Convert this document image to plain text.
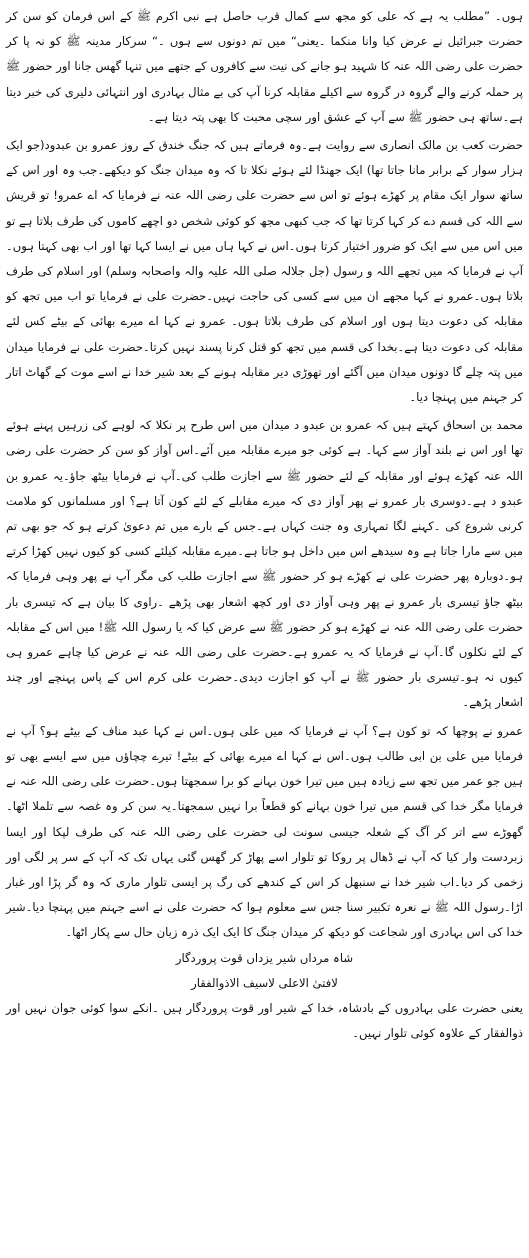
ہوں۔ ”مطلب یہ ہے کہ علی کو مجھ سے کمال قرب حاصل ہے نبی اکرم ﷺ کے اس فرمان کو سن کر حضرت جبرائیل نے عرض کیا وانا منکما ۔یعنی“ میں تم دونوں سے ہوں ۔“ سرکار مدینہ ﷺ کو نہ پا کر حضرت علی رضی اللہ عنہ کا شہید ہو جانے کی نیت سے کافروں کے جتھے میں تنہا گھس جانا اور حضور ﷺ پر حملہ کرنے والے گروہ در گروہ سے اکیلے مقابلہ کرنا آپ کی بے مثال بہادری اور انتہائی دلیری کی خبر دیتا ہے۔ساتھ ہی حضور ﷺ سے آپ کے عشق اور سچی محبت کا بھی پتہ دیتا ہے۔

حضرت کعب بن مالک انصاری سے روایت ہے۔وہ فرماتے ہیں کہ جنگ خندق کے روز عمرو بن عبدود(جو ایک ہزار سوار کے برابر مانا جاتا تھا) ایک جھنڈا لئے ہوئے نکلا تا کہ وہ میدان جنگ کو دیکھے۔جب وہ اور اس کے ساتھ سوار ایک مقام پر کھڑے ہوئے تو اس سے حضرت علی رضی اللہ عنہ نے فرمایا کہ اے عمرو! تو قریش سے اللہ کی قسم دے کر کہا کرتا تھا کہ جب کبھی مجھ کو کوئی شخص دو اچھے کاموں کی طرف بلاتا ہے تو میں اس میں سے ایک کو ضرور اختیار کرتا ہوں۔اس نے کہا ہاں میں نے ایسا کہا تھا اور اب بھی کہتا ہوں۔آپ نے فرمایا کہ میں تجھے اللہ و رسول (جل جلالہ صلی اللہ علیہ والہ واصحابہ وسلم) اور اسلام کی طرف بلاتا ہوں۔عمرو نے کہا مجھے ان میں سے کسی کی حاجت نہیں۔حضرت علی نے فرمایا تو اب میں تجھ کو مقابلہ کی دعوت دیتا ہوں اور اسلام کی طرف بلاتا ہوں۔ عمرو نے کہا اے میرے بھائی کے بیٹے کس لئے مقابلہ کی دعوت دیتا ہے۔بخدا کی قسم میں تجھ کو قتل کرنا پسند نہیں کرتا۔حضرت علی نے فرمایا میدان میں پتہ چلے گا دونوں میدان میں آگئے اور تھوڑی دیر مقابلہ ہونے کے بعد شیر خدا نے اسے موت کے گھاٹ اتار کر جہنم میں پہنچا دیا۔

محمد بن اسحاق کہتے ہیں کہ عمرو بن عبدو د میدان میں اس طرح پر نکلا کہ لوہے کی زرہیں پہنے ہوئے تھا اور اس نے بلند آواز سے کہا۔ ہے کوئی جو میرے مقابلہ میں آئے۔اس آواز کو سن کر حضرت علی رضی اللہ عنہ کھڑے ہوئے اور مقابلہ کے لئے حضور ﷺ سے اجازت طلب کی۔آپ نے فرمایا بیٹھ جاؤ۔یہ عمرو بن عبدو د ہے۔دوسری بار عمرو نے پھر آواز دی کہ میرے مقابلے کے لئے کون آتا ہے؟ اور مسلمانوں کو ملامت کرنی شروع کی ۔کہنے لگا تمہاری وہ جنت کہاں ہے۔جس کے بارے میں تم دعویٰ کرتے ہو کہ جو بھی تم میں سے مارا جاتا ہے وہ سیدھے اس میں داخل ہو جاتا ہے۔میرے مقابلہ کیلئے کسی کو کیوں نہیں کھڑا کرتے ہو۔دوبارہ پھر حضرت علی نے کھڑے ہو کر حضور ﷺ سے اجازت طلب کی مگر آپ نے پھر وہی فرمایا کہ بیٹھ جاؤ تیسری بار عمرو نے پھر وہی آواز دی اور کچھ اشعار بھی پڑھے ۔راوی کا بیان ہے کہ تیسری بار حضرت علی رضی اللہ عنہ نے کھڑے ہو کر حضور ﷺ سے عرض کیا کہ یا رسول اللہ ﷺ! میں اس کے مقابلہ کے لئے نکلوں گا۔آپ نے فرمایا کہ یہ عمرو ہے۔حضرت علی رضی اللہ عنہ نے عرض کیا چاہے عمرو ہی کیوں نہ ہو۔تیسری بار حضور ﷺ نے آپ کو اجازت دیدی۔حضرت علی کرم اس کے پاس پہنچے اور چند اشعار پڑھے۔

عمرو نے پوچھا کہ تو کون ہے؟ آپ نے فرمایا کہ میں علی ہوں۔اس نے کہا عبد مناف کے بیٹے ہو؟ آپ نے فرمایا میں علی بن ابی طالب ہوں۔اس نے کہا اے میرے بھائی کے بیٹے! تیرے چچاؤں میں سے ایسے بھی تو ہیں جو عمر میں تجھ سے زیادہ ہیں میں تیرا خون بہانے کو برا سمجھتا ہوں۔حضرت علی رضی اللہ عنہ نے فرمایا مگر خدا کی قسم میں تیرا خون بہانے کو قطعاً برا نہیں سمجھتا۔یہ سن کر وہ غصہ سے تلملا اٹھا۔گھوڑے سے اتر کر آگ کے شعلہ جیسی سونت لی حضرت علی رضی اللہ عنہ کی طرف لپکا اور ایسا زبردست وار کیا کہ آپ نے ڈھال پر روکا تو تلوار اسے پھاڑ کر گھس گئی یہاں تک کہ آپ کے سر پر لگی اور زخمی کر دیا۔اب شیر خدا نے سنبھل کر اس کے کندھے کی رگ پر ایسی تلوار ماری کہ وہ گر پڑا اور غبار اڑا۔رسول اللہ ﷺ نے نعرہ تکبیر سنا جس سے معلوم ہوا کہ حضرت علی نے اسے جہنم میں پہنچا دیا۔شیر خدا کی اس بہادری اور شجاعت کو دیکھ کر میدان جنگ کا ایک ایک ذرہ زبان حال سے پکار اٹھا۔

شاہ مرداں شیر یزداں قوت پروردگار

لافتیٰ الاعلی لاسیف الاذوالفقار

یعنی حضرت علی بہادروں کے بادشاہ، خدا کے شیر اور قوت پروردگار ہیں ۔انکے سوا کوئی جوان نہیں اور ذوالفقار کے علاوہ کوئی تلوار نہیں۔
